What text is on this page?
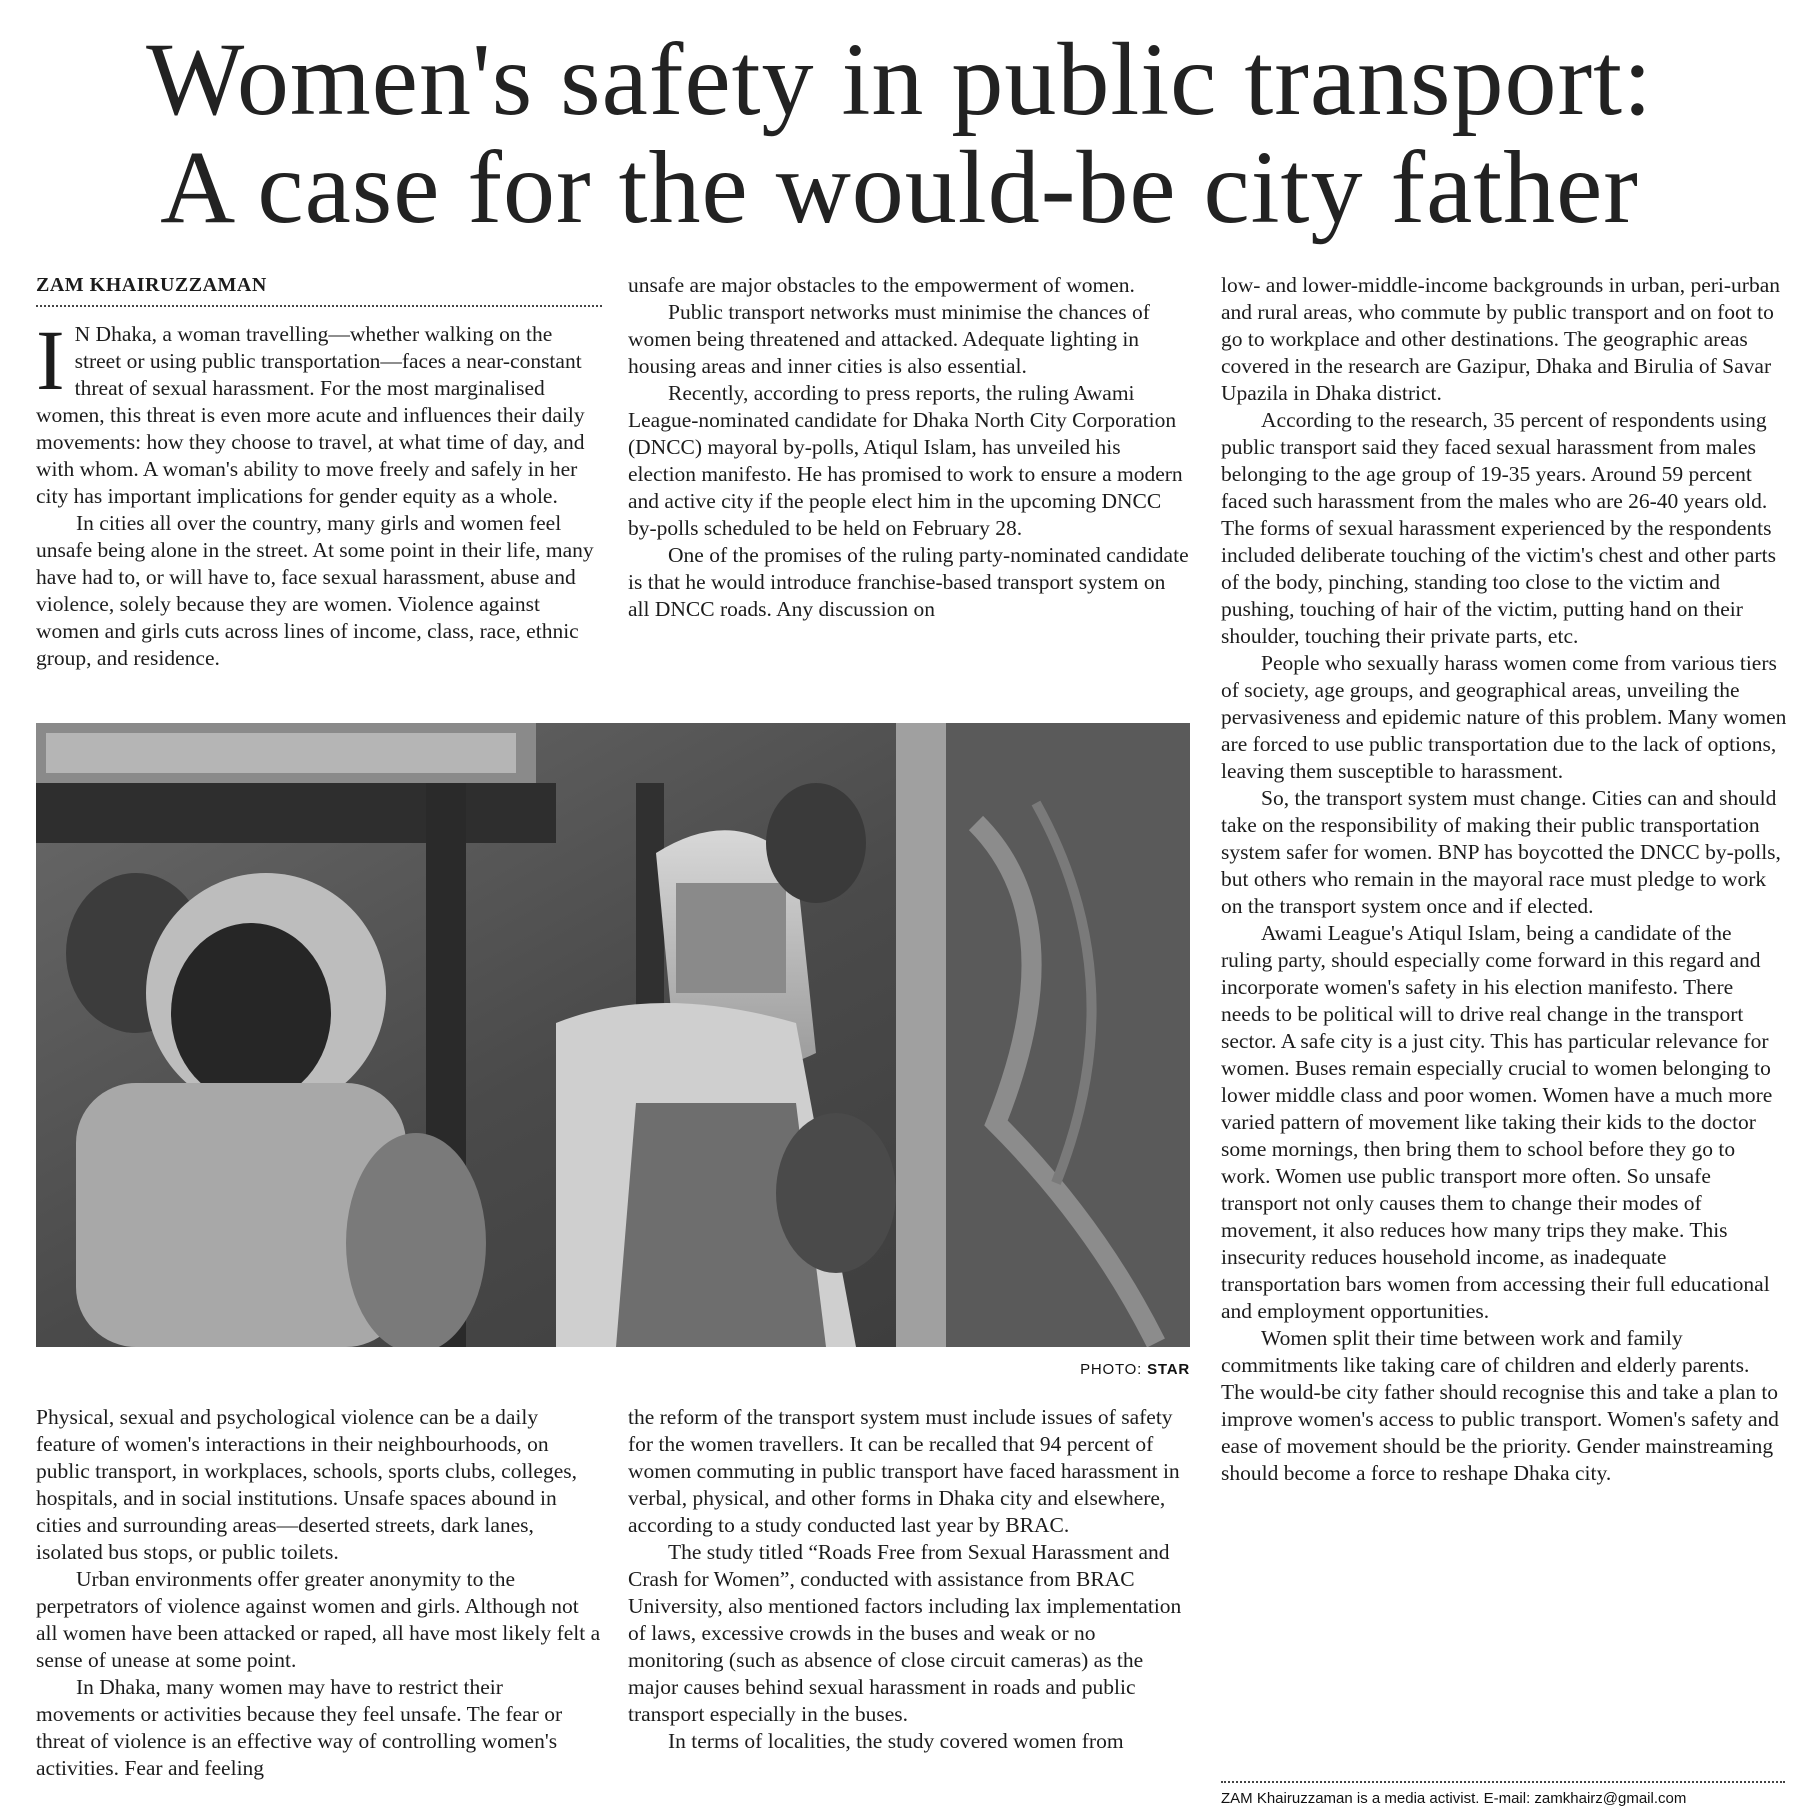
Women's safety in public transport:
A case for the would-be city father
ZAM KHAIRUZZAMAN

I N Dhaka, a woman travelling—whether walking on the street or using public transportation—faces a near-constant threat of sexual harassment. For the most marginalised women, this threat is even more acute and influences their daily movements: how they choose to travel, at what time of day, and with whom. A woman's ability to move freely and safely in her city has important implications for gender equity as a whole.

In cities all over the country, many girls and women feel unsafe being alone in the street. At some point in their life, many have had to, or will have to, face sexual harassment, abuse and violence, solely because they are women. Violence against women and girls cuts across lines of income, class, race, ethnic group, and residence.

unsafe are major obstacles to the empowerment of women.

Public transport networks must minimise the chances of women being threatened and attacked. Adequate lighting in housing areas and inner cities is also essential.

Recently, according to press reports, the ruling Awami League-nominated candidate for Dhaka North City Corporation (DNCC) mayoral by-polls, Atiqul Islam, has unveiled his election manifesto. He has promised to work to ensure a modern and active city if the people elect him in the upcoming DNCC by-polls scheduled to be held on February 28.

One of the promises of the ruling party-nominated candidate is that he would introduce franchise-based transport system on all DNCC roads. Any discussion on

low- and lower-middle-income backgrounds in urban, peri-urban and rural areas, who commute by public transport and on foot to go to workplace and other destinations. The geographic areas covered in the research are Gazipur, Dhaka and Birulia of Savar Upazila in Dhaka district.

According to the research, 35 percent of respondents using public transport said they faced sexual harassment from males belonging to the age group of 19-35 years. Around 59 percent faced such harassment from the males who are 26-40 years old. The forms of sexual harassment experienced by the respondents included deliberate touching of the victim's chest and other parts of the body, pinching, standing too close to the victim and pushing, touching of hair of the victim, putting hand on their shoulder, touching their private parts, etc.

People who sexually harass women come from various tiers of society, age groups, and geographical areas, unveiling the pervasiveness and epidemic nature of this problem. Many women are forced to use public transportation due to the lack of options, leaving them susceptible to harassment.

So, the transport system must change. Cities can and should take on the responsibility of making their public transportation system safer for women. BNP has boycotted the DNCC by-polls, but others who remain in the mayoral race must pledge to work on the transport system once and if elected.

Awami League's Atiqul Islam, being a candidate of the ruling party, should especially come forward in this regard and incorporate women's safety in his election manifesto. There needs to be political will to drive real change in the transport sector. A safe city is a just city. This has particular relevance for women. Buses remain especially crucial to women belonging to lower middle class and poor women. Women have a much more varied pattern of movement like taking their kids to the doctor some mornings, then bring them to school before they go to work. Women use public transport more often. So unsafe transport not only causes them to change their modes of movement, it also reduces how many trips they make. This insecurity reduces household income, as inadequate transportation bars women from accessing their full educational and employment opportunities.

Women split their time between work and family commitments like taking care of children and elderly parents. The would-be city father should recognise this and take a plan to improve women's access to public transport. Women's safety and ease of movement should be the priority. Gender mainstreaming should become a force to reshape Dhaka city.

PHOTO: STAR

Physical, sexual and psychological violence can be a daily feature of women's interactions in their neighbourhoods, on public transport, in workplaces, schools, sports clubs, colleges, hospitals, and in social institutions. Unsafe spaces abound in cities and surrounding areas—deserted streets, dark lanes, isolated bus stops, or public toilets.

Urban environments offer greater anonymity to the perpetrators of violence against women and girls. Although not all women have been attacked or raped, all have most likely felt a sense of unease at some point.

In Dhaka, many women may have to restrict their movements or activities because they feel unsafe. The fear or threat of violence is an effective way of controlling women's activities. Fear and feeling

the reform of the transport system must include issues of safety for the women travellers. It can be recalled that 94 percent of women commuting in public transport have faced harassment in verbal, physical, and other forms in Dhaka city and elsewhere, according to a study conducted last year by BRAC.

The study titled “Roads Free from Sexual Harassment and Crash for Women”, conducted with assistance from BRAC University, also mentioned factors including lax implementation of laws, excessive crowds in the buses and weak or no monitoring (such as absence of close circuit cameras) as the major causes behind sexual harassment in roads and public transport especially in the buses.

In terms of localities, the study covered women from

ZAM Khairuzzaman is a media activist. E-mail: zamkhairz@gmail.com
